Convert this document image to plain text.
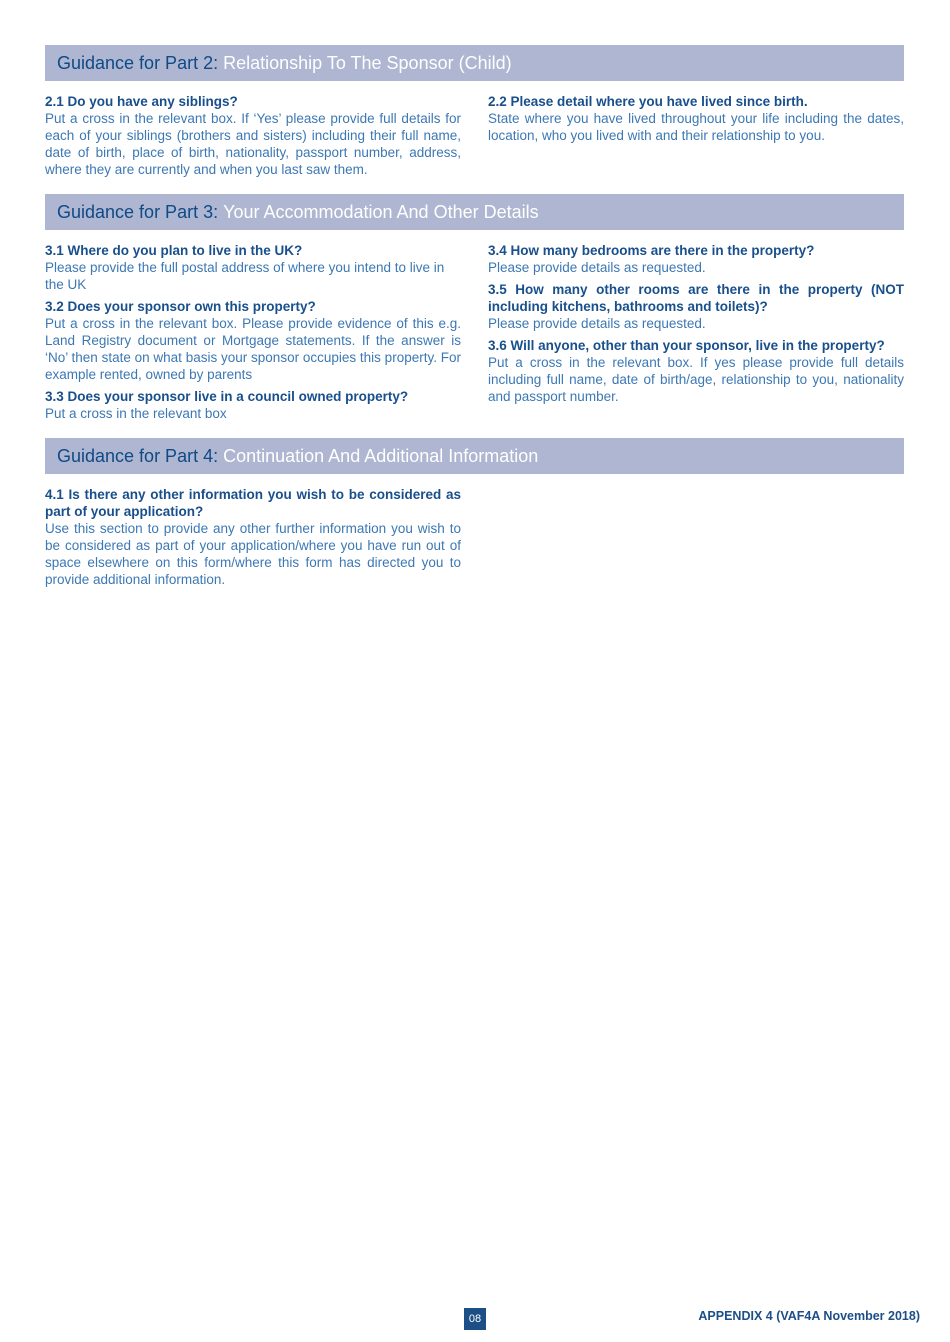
Guidance for Part 2: Relationship To The Sponsor (Child)
2.1 Do you have any siblings?
Put a cross in the relevant box. If ‘Yes’ please provide full details for each of your siblings (brothers and sisters) including their full name, date of birth, place of birth, nationality, passport number, address, where they are currently and when you last saw them.
2.2 Please detail where you have lived since birth.
State where you have lived throughout your life including the dates, location, who you lived with and their relationship to you.
Guidance for Part 3: Your Accommodation And Other Details
3.1 Where do you plan to live in the UK?
Please provide the full postal address of where you intend to live in the UK
3.2 Does your sponsor own this property?
Put a cross in the relevant box. Please provide evidence of this e.g. Land Registry document or Mortgage statements. If the answer is ‘No’ then state on what basis your sponsor occupies this property. For example rented, owned by parents
3.3 Does your sponsor live in a council owned property?
Put a cross in the relevant box
3.4 How many bedrooms are there in the property?
Please provide details as requested.
3.5 How many other rooms are there in the property (NOT including kitchens, bathrooms and toilets)?
Please provide details as requested.
3.6 Will anyone, other than your sponsor, live in the property?
Put a cross in the relevant box. If yes please provide full details including full name, date of birth/age, relationship to you, nationality and passport number.
Guidance for Part 4: Continuation And Additional Information
4.1 Is there any other information you wish to be considered as part of your application?
Use this section to provide any other further information you wish to be considered as part of your application/where you have run out of space elsewhere on this form/where this form has directed you to provide additional information.
08	APPENDIX 4 (VAF4A November 2018)
